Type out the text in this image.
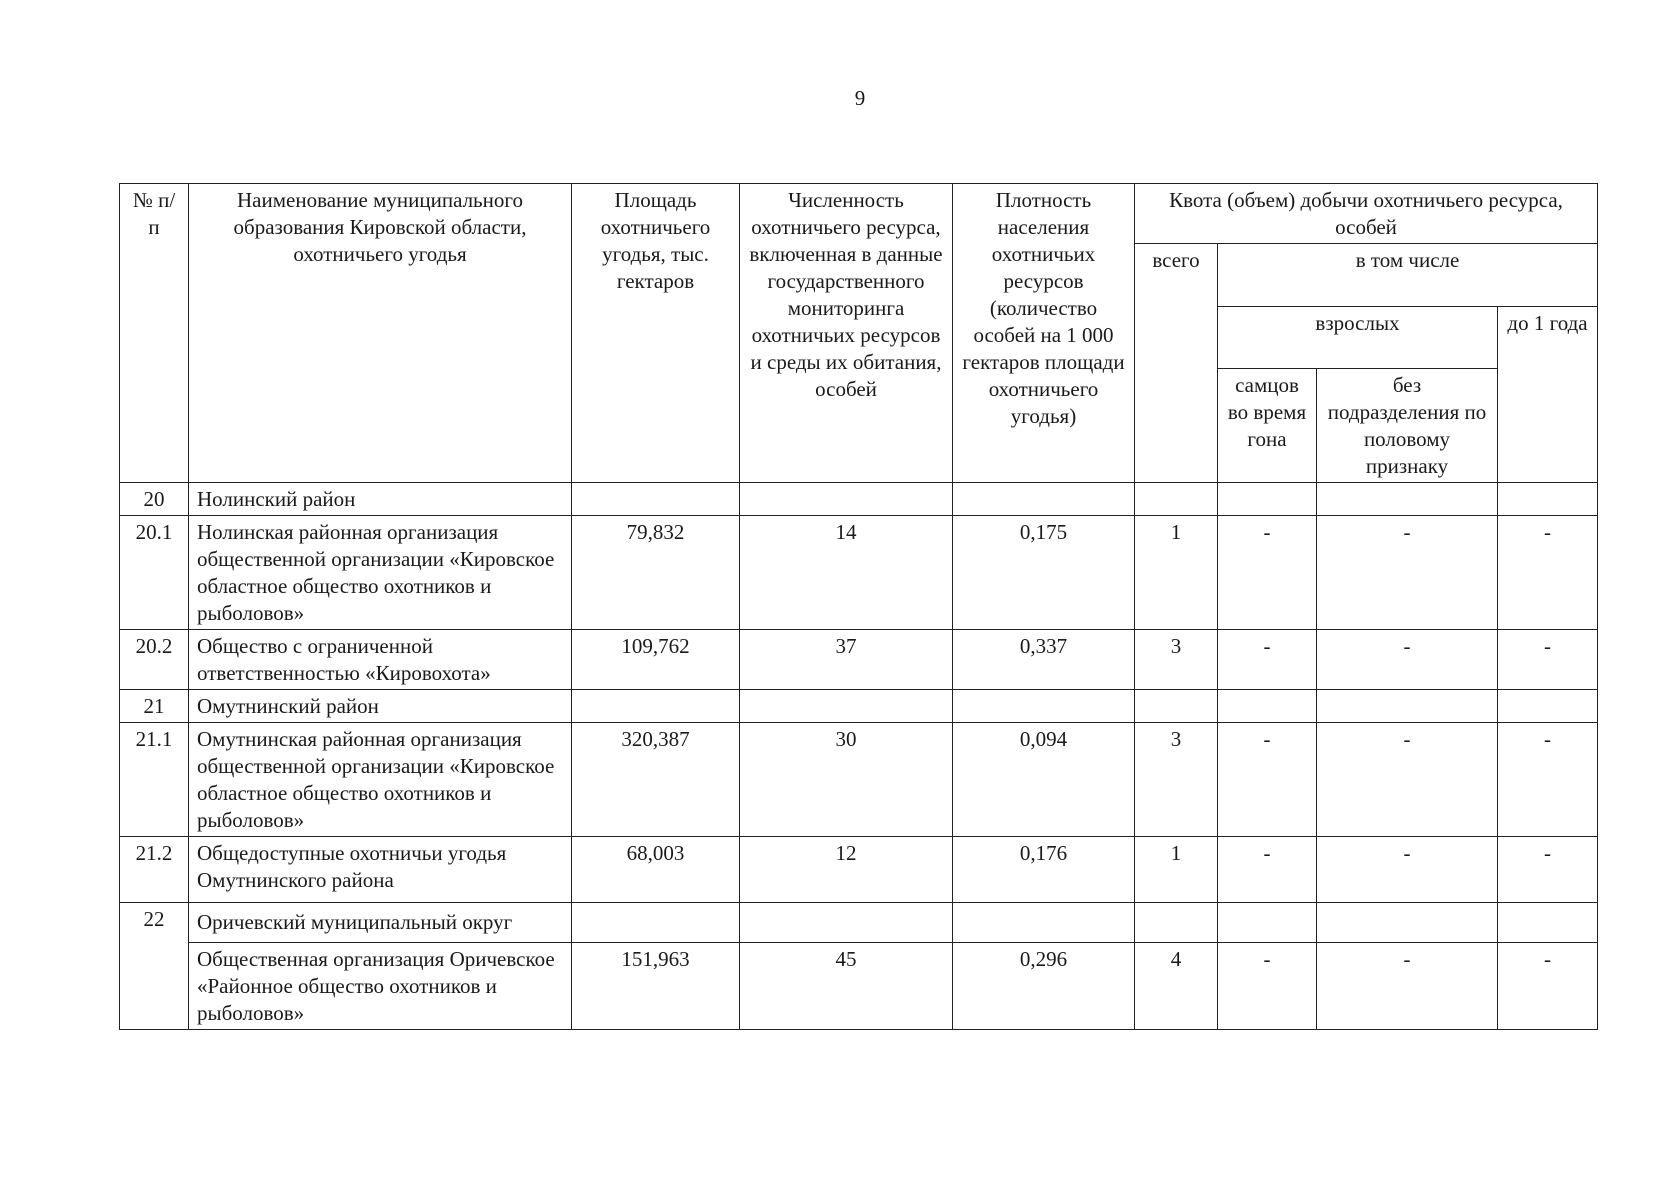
9
№ п/п	Наименование муниципального образования Кировской области, охотничьего угодья	Площадь охотничьего угодья, тыс. гектаров	Численность охотничьего ресурса, включенная в данные государственного мониторинга охотничьих ресурсов и среды их обитания, особей	Плотность населения охотничьих ресурсов (количество особей на 1 000 гектаров площади охотничьего угодья)	Квота (объем) добычи охотничьего ресурса, особей			
					всего	в том числе		
						взрослых		до 1 года
						самцов во время гона	без подразделения по половому признаку	
20	Нолинский район							
20.1	Нолинская районная организация общественной организации «Кировское областное общество охотников и рыболовов»	79,832	14	0,175	1	-	-	-
20.2	Общество с ограниченной ответственностью «Кировохота»	109,762	37	0,337	3	-	-	-
21	Омутнинский район							
21.1	Омутнинская районная организация общественной организации «Кировское областное общество охотников и рыболовов»	320,387	30	0,094	3	-	-	-
21.2	Общедоступные охотничьи угодья Омутнинского района	68,003	12	0,176	1	-	-	-
22	Оричевский муниципальный округ							
	Общественная организация Оричевское «Районное общество охотников и рыболовов»	151,963	45	0,296	4	-	-	-
